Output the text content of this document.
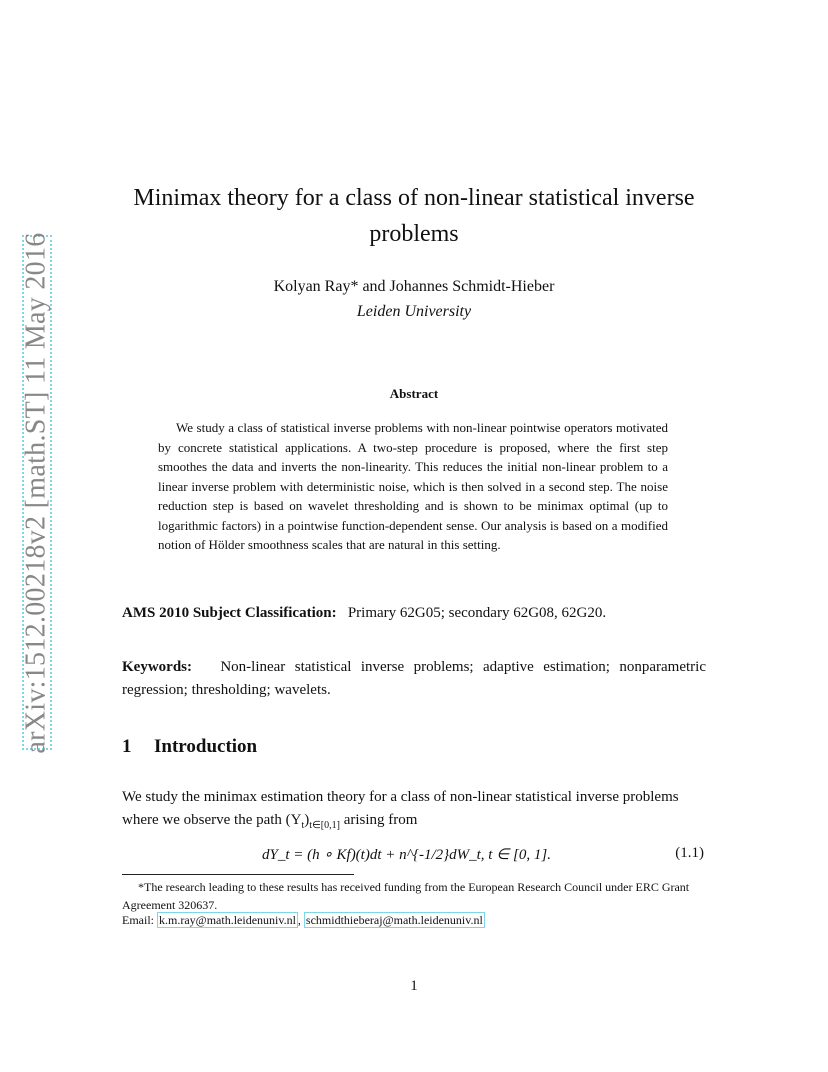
arXiv:1512.00218v2 [math.ST] 11 May 2016
Minimax theory for a class of non-linear statistical inverse
problems
Kolyan Ray* and Johannes Schmidt-Hieber
Leiden University
Abstract
We study a class of statistical inverse problems with non-linear pointwise operators motivated by concrete statistical applications. A two-step procedure is proposed, where the first step smoothes the data and inverts the non-linearity. This reduces the initial non-linear problem to a linear inverse problem with deterministic noise, which is then solved in a second step. The noise reduction step is based on wavelet thresholding and is shown to be minimax optimal (up to logarithmic factors) in a pointwise function-dependent sense. Our analysis is based on a modified notion of Hölder smoothness scales that are natural in this setting.
AMS 2010 Subject Classification: Primary 62G05; secondary 62G08, 62G20.
Keywords: Non-linear statistical inverse problems; adaptive estimation; nonparametric regression; thresholding; wavelets.
1 Introduction
We study the minimax estimation theory for a class of non-linear statistical inverse problems where we observe the path $(Y_t)_{t\in[0,1]}$ arising from
dY_t = (h ∘ Kf)(t)dt + n^{-1/2}dW_t, t ∈ [0, 1].	(1.1)
*The research leading to these results has received funding from the European Research Council under ERC Grant Agreement 320637.
Email: k.m.ray@math.leidenuniv.nl , schmidthieberaj@math.leidenuniv.nl
1
